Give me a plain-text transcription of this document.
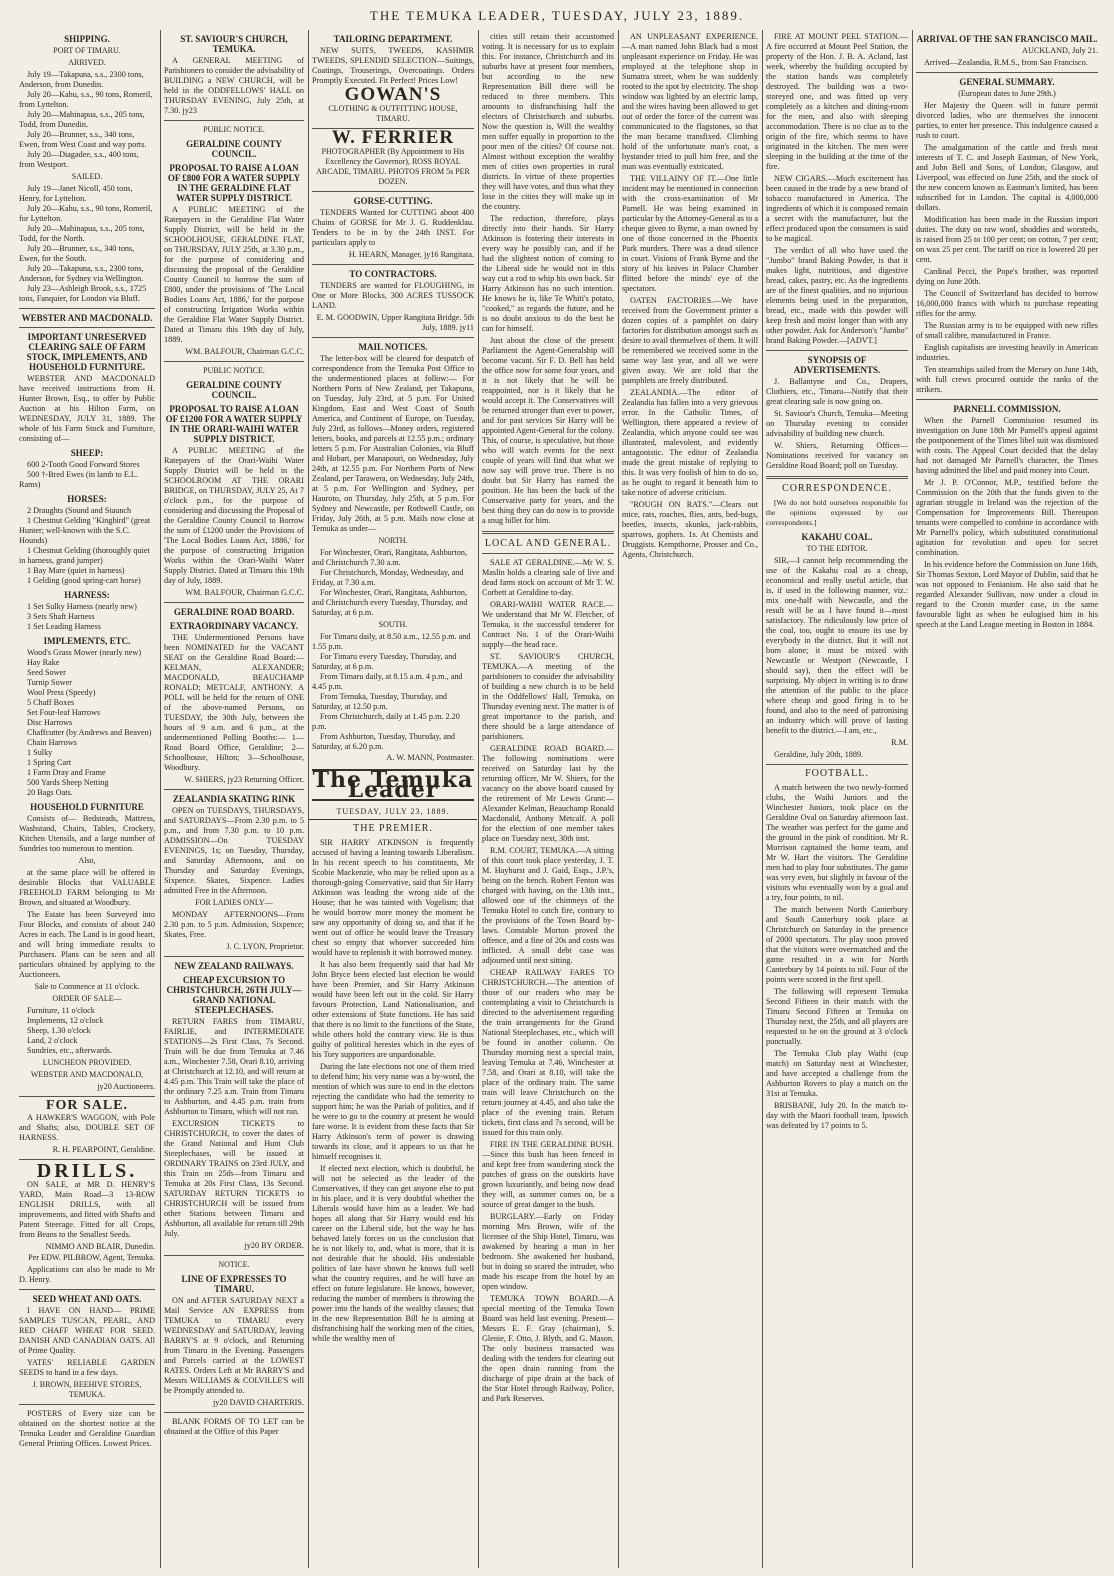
THE TEMUKA LEADER, TUESDAY, JULY 23, 1889.
SHIPPING.
PORT OF TIMARU.
ARRIVED.
July 19—Takapuna, s.s., 2300 tons, Anderson, from Dunedin.
July 20—Kahu, s.s., 90 tons, Romeril, from Lyttelton.
July 20—Mahinapua, s.s., 205 tons, Todd, from Dunedin.
July 20—Brunner, s.s., 340 tons, Ewen, from West Coast and way ports.
July 20—Diagadee, s.s., 400 tons, from Westport.
SAILED.
July 19—Janet Nicoll, 450 tons, Henry, for Lyttelton.
July 20—Kahu, s.s., 90 tons, Romeril, for Lyttelton.
July 20—Mahinapua, s.s., 205 tons, Todd, for the North.
July 20—Brunner, s.s., 340 tons, Ewen, for the South.
July 20—Takapuna, s.s., 2300 tons, Anderson, for Sydney via Wellington.
July 23—Ashleigh Brook, s.s., 1725 tons, Fanquier, for London via Bluff.
WEBSTER AND MACDONALD.
IMPORTANT UNRESERVED CLEARING SALE OF FARM STOCK, IMPLEMENTS, AND HOUSEHOLD FURNITURE.
WEBSTER AND MACDONALD have received instructions from H. Hunter Brown, Esq., to offer by Public Auction at his Hilton Farm, on WEDNESDAY, JULY 31, 1889. The whole of his Farm Stock and Furniture, consisting of—
SHEEP:
600 2-Tooth Good Forward Stores
500 †-Bred Ewes (in lamb to E.L. Rams)
HORSES:
2 Draughts (Sound and Staunch
1 Chestnut Gelding "Kingbird" (great Hunter; well-known with the S.C. Hounds)
1 Chestnut Gelding (thoroughly quiet in harness, grand jumper)
1 Bay Mare (quiet in harness)
1 Gelding (good spring-cart horse)
HARNESS:
1 Set Sulky Harness (nearly new)
3 Sets Shaft Harness
1 Set Leading Harness
IMPLEMENTS, ETC.
Wood's Grass Mower (nearly new)
Hay Rake
Seed Sower
Turnip Sower
Wool Press (Speedy)
5 Chaff Boxes
Set Four-leaf Harrows
Disc Harrows
Chaffcutter (by Andrews and Beaven)
Chain Harrows
1 Sulky
1 Spring Cart
1 Farm Dray and Frame
500 Yards Sheep Netting
20 Bags Oats.
HOUSEHOLD FURNITURE
Consists of— Bedsteads, Mattress, Washstand, Chairs, Tables, Crockery, Kitchen Utensils, and a large number of Sundries too numerous to mention.
Also,
at the same place will be offered in desirable Blocks that VALUABLE FREEHOLD FARM belonging to Mr Brown, and situated at Woodbury.
The Estate has been Surveyed into Four Blocks, and consists of about 240 Acres in each. The Land is in good heart, and will bring immediate results to Purchasers. Plans can be seen and all particulars obtained by applying to the Auctioneers.
Sale to Commence at 11 o'clock.
ORDER OF SALE—
Furniture, 11 o'clock
Implements, 12 o'clock
Sheep, 1.30 o'clock
Land, 2 o'clock
Sundries, etc., afterwards.
LUNCHEON PROVIDED.
WEBSTER AND MACDONALD,
jy20 Auctioneers.
FOR SALE.
A HAWKER'S WAGGON, with Pole and Shafts; also, DOUBLE SET OF HARNESS.
R. H. PEARPOINT, Geraldine.
DRILLS.
ON SALE, at MR D. HENRY'S YARD, Main Road—3 13-ROW ENGLISH DRILLS, with all improvements, and fitted with Shafts and Patent Steerage. Fitted for all Crops, from Beans to the Smallest Seeds.
NIMMO AND BLAIR, Dunedin.
Per EDW. PILBROW, Agent, Temuka.
Applications can also be made to Mr D. Henry.
SEED WHEAT AND OATS.
I HAVE ON HAND— PRIME SAMPLES TUSCAN, PEARL, AND RED CHAFF WHEAT FOR SEED. DANISH AND CANADIAN OATS. All of Prime Quality.
YATES' RELIABLE GARDEN SEEDS to hand in a few days.
J. BROWN, BEEHIVE STORES, TEMUKA.
POSTERS of Every size can be obtained on the shortest notice at the Temuka Leader and Geraldine Guardian General Printing Offices. Lowest Prices.
ST. SAVIOUR'S CHURCH, TEMUKA.
A GENERAL MEETING of Parishioners to consider the advisability of BUILDING a NEW CHURCH, will be held in the ODDFELLOWS' HALL on THURSDAY EVENING, July 25th, at 7.30. jy23
PUBLIC NOTICE.
GERALDINE COUNTY COUNCIL.
PROPOSAL TO RAISE A LOAN OF £800 FOR A WATER SUPPLY IN THE GERALDINE FLAT WATER SUPPLY DISTRICT.
A PUBLIC MEETING of the Ratepayers in the Geraldine Flat Water Supply District, will be held in the SCHOOLHOUSE, GERALDINE FLAT, on THURSDAY, JULY 25th, at 3.30 p.m., for the purpose of considering and discussing the proposal of the Geraldine County Council to borrow the sum of £800, under the provisions of 'The Local Bodies Loans Act, 1886,' for the purpose of constructing Irrigation Works within the Geraldine Flat Water Supply District. Dated at Timaru this 19th day of July, 1889.
WM. BALFOUR, Chairman G.C.C.
PUBLIC NOTICE.
GERALDINE COUNTY COUNCIL.
PROPOSAL TO RAISE A LOAN OF £1200 FOR A WATER SUPPLY IN THE ORARI-WAIHI WATER SUPPLY DISTRICT.
A PUBLIC MEETING of the Ratepayers of the Orari-Waihi Water Supply District will be held in the SCHOOLROOM AT THE ORARI BRIDGE, on THURSDAY, JULY 25, At 7 o'clock p.m., for the purpose of considering and discussing the Proposal of the Geraldine County Council to Borrow the sum of £1200 under the Provisions of 'The Local Bodies Loans Act, 1886,' for the purpose of constructing Irrigation Works within the Orari-Waihi Water Supply District. Dated at Timaru this 19th day of July, 1889.
WM. BALFOUR, Chairman G.C.C.
GERALDINE ROAD BOARD.
EXTRAORDINARY VACANCY.
THE Undermentioned Persons have been NOMINATED for the VACANT SEAT on the Geraldine Road Board:— KELMAN, ALEXANDER; MACDONALD, BEAUCHAMP RONALD; METCALF, ANTHONY. A POLL will be held for the return of ONE of the above-named Persons, on TUESDAY, the 30th July, between the hours of 9 a.m. and 6 p.m., at the undermentioned Polling Booths:— 1—Road Board Office, Geraldine; 2—Schoolhouse, Hilton; 3—Schoolhouse, Woodbury.
W. SHIERS, jy23 Returning Officer.
ZEALANDIA SKATING RINK
OPEN on TUESDAYS, THURSDAYS, and SATURDAYS—From 2.30 p.m. to 5 p.m., and from 7.30 p.m. to 10 p.m. ADMISSION—On TUESDAY EVENINGS, 1s; on Tuesday, Thursday, and Saturday Afternoons, and on Thursday and Saturday Evenings, Sixpence. Skates, Sixpence. Ladies admitted Free in the Afternoon.
FOR LADIES ONLY—
MONDAY AFTERNOONS—From 2.30 p.m. to 5 p.m. Admission, Sixpence; Skates, Free.
J. C. LYON, Proprietor.
NEW ZEALAND RAILWAYS.
CHEAP EXCURSION TO CHRISTCHURCH, 26TH JULY—GRAND NATIONAL STEEPLECHASES.
RETURN FARES from TIMARU, FAIRLIE, and INTERMEDIATE STATIONS—2s First Class, 7s Second. Train will be due from Temuka at 7.46 a.m., Winchester 7.58, Orari 8.10, arriving at Christchurch at 12.10, and will return at 4.45 p.m. This Train will take the place of the ordinary 7.25 a.m. Train from Timaru to Ashburton, and 4.45 p.m. train from Ashburton to Timaru, which will not run.
EXCURSION TICKETS to CHRISTCHURCH, to cover the dates of the Grand National and Hunt Club Steeplechases, will be issued at ORDINARY TRAINS on 23rd JULY, and this Train on 25th—from Timaru and Temuka at 20s First Class, 13s Second. SATURDAY RETURN TICKETS to CHRISTCHURCH will be issued from other Stations between Timaru and Ashburton, all available for return till 29th July.
jy20 BY ORDER.
NOTICE.
LINE OF EXPRESSES TO TIMARU.
ON and AFTER SATURDAY NEXT a Mail Service AN EXPRESS from TEMUKA to TIMARU every WEDNESDAY and SATURDAY, leaving BARRY'S at 9 o'clock, and Returning from Timaru in the Evening. Passengers and Parcels carried at the LOWEST RATES. Orders Left at Mr BARRY'S and Messrs WILLIAMS & COLVILLE'S will be Promptly attended to.
jy20 DAVID CHARTERIS.
BLANK FORMS OF TO LET can be obtained at the Office of this Paper
TAILORING DEPARTMENT.
NEW SUITS, TWEEDS, KASHMIR TWEEDS, SPLENDID SELECTION—Suitings, Coatings, Trouserings, Overcoatings. Orders Promptly Executed. Fit Perfect! Prices Low!
GOWAN'S
CLOTHING & OUTFITTING HOUSE, TIMARU.
W. FERRIER
PHOTOGRAPHER (By Appointment to His Excellency the Governor), ROSS ROYAL ARCADE, TIMARU. PHOTOS FROM 5s PER DOZEN.
GORSE-CUTTING.
TENDERS Wanted for CUTTING about 400 Chains of GORSE for Mr J. G. Ruddenklau. Tenders to be in by the 24th INST. For particulars apply to
H. HEARN, Manager, jy16 Rangitata.
TO CONTRACTORS.
TENDERS are wanted for FLOUGHING, in One or More Blocks, 300 ACRES TUSSOCK LAND.
E. M. GOODWIN, Upper Rangitata Bridge. 5th July, 1889. jy11
MAIL NOTICES.
The letter-box will be cleared for despatch of correspondence from the Temuka Post Office to the undermentioned places at follow:— For Northern Ports of New Zealand, per Takapuna, on Tuesday, July 23rd, at 5 p.m. For United Kingdom, East and West Coast of South America, and Continent of Europe, on Tuesday, July 23rd, as follows—Money orders, registered letters, books, and parcels at 12.55 p.m.; ordinary letters 5 p.m. For Australian Colonies, via Bluff and Hobart, per Manapouri, on Wednesday, July 24th, at 12.55 p.m. For Northern Ports of New Zealand, per Tarawera, on Wednesday, July 24th, at 5 p.m. For Wellington and Sydney, per Hauroto, on Thursday, July 25th, at 5 p.m. For Sydney and Newcastle, per Rothwell Castle, on Friday, July 26th, at 5 p.m. Mails now close at Temuka as under—
NORTH.
For Winchester, Orari, Rangitata, Ashburton, and Christchurch 7.30 a.m.
For Christchurch, Monday, Wednesday, and Friday, at 7.30 a.m.
For Winchester, Orari, Rangitata, Ashburton, and Christchurch every Tuesday, Thursday, and Saturday, at 6 p.m.
SOUTH.
For Timaru daily, at 8.50 a.m., 12.55 p.m. and 1.55 p.m.
For Timaru every Tuesday, Thursday, and Saturday, at 6 p.m.
From Timaru daily, at 8.15 a.m. 4 p.m., and 4.45 p.m.
From Temuka, Tuesday, Thursday, and Saturday, at 12.50 p.m.
From Christchurch, daily at 1.45 p.m. 2.20 p.m.
From Ashburton, Tuesday, Thursday, and Saturday, at 6.20 p.m.
A. W. MANN, Postmaster.
The Temuka Leader
TUESDAY, JULY 23, 1889.
THE PREMIER.
SIR HARRY ATKINSON is frequently accused of having a leaning towards Liberalism. In his recent speech to his constituents, Mr Scobie Mackenzie, who may be relied upon as a thorough-going Conservative, said that Sir Harry Atkinson was leading the wrong side of the House; that he was tainted with Vogelism; that he would borrow more money the moment he saw any opportunity of doing so, and that if he went out of office he would leave the Treasury chest so empty that whoever succeeded him would have to replenish it with borrowed money.
It has also been frequently said that had Mr John Bryce been elected last election he would have been Premier, and Sir Harry Atkinson would have been left out in the cold. Sir Harry favours Protection, Land Nationalisation, and other extensions of State functions. He has said that there is no limit to the functions of the State, while others hold the contrary view. He is thus guilty of political heresies which in the eyes of his Tory supporters are unpardonable.
During the late elections not one of them tried to defend him; his very name was a by-word, the mention of which was sure to end in the electors rejecting the candidate who had the temerity to support him; he was the Pariah of politics, and if he were to go to the country at present he would fare worse. It is evident from these facts that Sir Harry Atkinson's term of power is drawing towards its close, and it appears to us that he himself recognises it.
If elected next election, which is doubtful, he will not be selected as the leader of the Conservatives, if they can get anyone else to put in his place, and it is very doubtful whether the Liberals would have him as a leader. We had hopes all along that Sir Harry would end his career on the Liberal side, but the way he has behaved lately forces on us the conclusion that he is not likely to, and, what is more, that it is not desirable that he should. His undeniable politics of late have shown he knows full well what the country requires, and he will have an effect on future legislature. He knows, however, reducing the number of members is throwing the power into the hands of the wealthy classes; that in the new Representation Bill he is aiming at disfranchising half the working men of the cities, while the wealthy men of
cities still retain their accustomed voting. It is necessary for us to explain this. For instance, Christchurch and its suburbs have at present four members, but according to the new Representation Bill there will be reduced to three members. This amounts to disfranchising half the electors of Christchurch and suburbs. Now the question is, Will the wealthy men suffer equally in proportion to the poor men of the cities? Of course not. Almost without exception the wealthy men of cities own properties in rural districts. In virtue of these properties they will have votes, and thus what they lose in the cities they will make up in the country.
The reduction, therefore, plays directly into their hands. Sir Harry Atkinson is fostering their interests in every way he possibly can, and if he had the slightest notion of coming to the Liberal side he would not in this way cut a rod to whip his own back. Sir Harry Atkinson has no such intention. He knows he is, like Te Whiti's potato, "cooked," as regards the future, and he is no doubt anxious to do the best he can for himself.
Just about the close of the present Parliament the Agent-Generalship will become vacant. Sir F. D. Bell has held the office now for some four years, and it is not likely that he will be reappointed, nor is it likely that he would accept it. The Conservatives will be returned stronger than ever to power, and for past services Sir Harry will be appointed Agent-General for the colony. This, of course, is speculative, but those who will watch events for the next couple of years will find that what we now say will prove true. There is no doubt but Sir Harry has earned the position. He has been the back of the Conservative party for years, and the best thing they can do now is to provide a snug billet for him.
LOCAL AND GENERAL.
SALE AT GERALDINE.—Mr W. S. Maslin holds a clearing sale of live and dead farm stock on account of Mr T. W. Corbett at Geraldine to-day.
ORARI-WAIHI WATER RACE.—We understand that Mr W. Fletcher, of Temuka, is the successful tenderer for Contract No. 1 of the Orari-Waihi supply—the head race.
ST. SAVIOUR'S CHURCH, TEMUKA.—A meeting of the parishioners to consider the advisability of building a new church is to be held in the Oddfellows' Hall, Temuka, on Thursday evening next. The matter is of great importance to the parish, and there should be a large attendance of parishioners.
GERALDINE ROAD BOARD.—The following nominations were received on Saturday last by the returning officer, Mr W. Shiers, for the vacancy on the above board caused by the retirement of Mr Lewis Grant:—Alexander Kelman, Beauchamp Ronald Macdonald, Anthony Metcalf. A poll for the election of one member takes place on Tuesday next, 30th inst.
R.M. COURT, TEMUKA.—A sitting of this court took place yesterday, J. T. M. Hayhurst and J. Gaid, Esqs., J.P.'s, being on the bench. Robert Fenton was charged with having, on the 13th inst., allowed one of the chimneys of the Temuka Hotel to catch fire, contrary to the provisions of the Town Board by-laws. Constable Morton proved the offence, and a fine of 20s and costs was inflicted. A small debt case was adjourned until next sitting.
CHEAP RAILWAY FARES TO CHRISTCHURCH.—The attention of those of our readers who may be contemplating a visit to Christchurch is directed to the advertisement regarding the train arrangements for the Grand National Steeplechases, etc., which will be found in another column. On Thursday morning next a special train, leaving Temuka at 7.46, Winchester at 7.58, and Orari at 8.10, will take the place of the ordinary train. The same train will leave Christchurch on the return journey at 4.45, and also take the place of the evening train. Return tickets, first class and 7s second, will be issued for this train only.
FIRE IN THE GERALDINE BUSH.—Since this bush has been fenced in and kept free from wandering stock the patches of grass on the outskirts have grown luxuriantly, and being now dead they will, as summer comes on, be a source of great danger to the bush.
BURGLARY.—Early on Friday morning Mrs Brown, wife of the licensee of the Ship Hotel, Timaru, was awakened by hearing a man in her bedroom. She awakened her husband, but in doing so scared the intruder, who made his escape from the hotel by an open window.
TEMUKA TOWN BOARD.—A special meeting of the Temuka Town Board was held last evening. Present—Messrs E. F. Gray (chairman), S. Glenie, F. Otto, J. Blyth, and G. Mason. The only business transacted was dealing with the tenders for clearing out the open drain running from the discharge of pipe drain at the back of the Star Hotel through Railway, Police, and Park Reserves.
AN UNPLEASANT EXPERIENCE.—A man named John Black had a most unpleasant experience on Friday. He was employed at the telephone shop in Sumatra street, when he was suddenly rooted to the spot by electricity. The shop window was lighted by an electric lamp, and the wires having been allowed to get out of order the force of the current was communicated to the flagstones, so that the man became transfixed. Climbing hold of the unfortunate man's coat, a bystander tried to pull him free, and the man was eventually extricated.
THE VILLAINY OF IT.—One little incident may be mentioned in connection with the cross-examination of Mr Parnell. He was being examined in particular by the Attorney-General as to a cheque given to Byrne, a man owned by one of those concerned in the Phoenix Park murders. There was a dead silence in court. Visions of Frank Byrne and the story of his knives in Palace Chamber flitted before the minds' eye of the spectators.
OATEN FACTORIES.—We have received from the Government printer a dozen copies of a pamphlet on dairy factories for distribution amongst such as desire to avail themselves of them. It will be remembered we received some in the same way last year, and all we were given away. We are told that the pamphlets are freely distributed.
ZEALANDIA.—The editor of Zealandia has fallen into a very grievous error. In the Catholic Times, of Wellington, there appeared a review of Zealandia, which anyone could see was illustrated, malevolent, and evidently antagonistic. The editor of Zealandia made the great mistake of replying to this. It was very foolish of him to do so, as he ought to regard it beneath him to take notice of adverse criticism.
"ROUGH ON RATS."—Clears out mice, rats, roaches, flies, ants, bed-bugs, beetles, insects, skunks, jack-rabbits, sparrows, gophers. 1s. At Chemists and Druggists. Kempthorne, Prosser and Co., Agents, Christchurch.
FIRE AT MOUNT PEEL STATION.—A fire occurred at Mount Peel Station, the property of the Hon. J. B. A. Acland, last week, whereby the building occupied by the station hands was completely destroyed. The building was a two-storeyed one, and was fitted up very completely as a kitchen and dining-room for the men, and also with sleeping accommodation. There is no clue as to the origin of the fire, which seems to have originated in the kitchen. The men were sleeping in the building at the time of the fire.
NEW CIGARS.—Much excitement has been caused in the trade by a new brand of tobacco manufactured in America. The ingredients of which it is composed remain a secret with the manufacturer, but the effect produced upon the consumers is said to be magical.
The verdict of all who have used the "Jumbo" brand Baking Powder, is that it makes light, nutritious, and digestive bread, cakes, pastry, etc. As the ingredients are of the finest qualities, and no injurious elements being used in the preparation, bread, etc., made with this powder will keep fresh and moist longer than with any other powder. Ask for Anderson's "Jumbo" brand Baking Powder.—[ADVT.]
SYNOPSIS OF ADVERTISEMENTS.
J. Ballantyne and Co., Drapers, Clothiers, etc., Timaru—Notify that their great clearing sale is now going on.
St. Saviour's Church, Temuka—Meeting on Thursday evening to consider advisability of building new church.
W. Shiers, Returning Officer—Nominations received for vacancy on Geraldine Road Board; poll on Tuesday.
CORRESPONDENCE.
[We do not hold ourselves responsible for the opinions expressed by our correspondents.]
KAKAHU COAL.
TO THE EDITOR.
SIR,—I cannot help recommending the use of the Kakahu coal as a cheap, economical and really useful article, that is, if used in the following manner, viz.: mix one-half with Newcastle, and the result will be as I have found it—most satisfactory. The ridiculously low price of the coal, too, ought to ensure its use by everybody in the district. But it will not burn alone; it must be mixed with Newcastle or Westport (Newcastle, I should say), then the effect will be surprising. My object in writing is to draw the attention of the public to the place where cheap and good firing is to be found, and also to the need of patronising an industry which will prove of lasting benefit to the district.—I am, etc.,
R.M.
Geraldine, July 20th, 1889.
FOOTBALL.
A match between the two newly-formed clubs, the Waihi Juniors and the Winchester Juniors, took place on the Geraldine Oval on Saturday afternoon last. The weather was perfect for the game and the ground in the pink of condition. Mr R. Morrison captained the home team, and Mr W. Hart the visitors. The Geraldine men had to play four substitutes. The game was very even, but slightly in favour of the visitors who eventually won by a goal and a try, four points, to nil.
The match between North Canterbury and South Canterbury took place at Christchurch on Saturday in the presence of 2000 spectators. The play soon proved that the visitors were overmatched and the game resulted in a win for North Canterbury by 14 points to nil. Four of the points were scored in the first spell.
The following will represent Temuka Second Fifteen in their match with the Timaru Second Fifteen at Temuka on Thursday next, the 25th, and all players are requested to be on the ground at 3 o'clock punctually.
The Temuka Club play Waihi (cup match) on Saturday next at Winchester, and have accepted a challenge from the Ashburton Rovers to play a match on the 31st at Temuka.
BRISBANE, July 20. In the match to-day with the Maori football team, Ipswich was defeated by 17 points to 5.
ARRIVAL OF THE SAN FRANCISCO MAIL.
AUCKLAND, July 21.
Arrived—Zealandia, R.M.S., from San Francisco.
GENERAL SUMMARY.
(European dates to June 29th.)
Her Majesty the Queen will in future permit divorced ladies, who are themselves the innocent parties, to enter her presence. This indulgence caused a rush to court.
The amalgamation of the cattle and fresh meat interests of T. C. and Joseph Eastman, of New York, and John Bell and Sons, of London, Glasgow, and Liverpool, was effected on June 25th, and the stock of the new concern known as Eastman's limited, has been subscribed for in London. The capital is 4,000,000 dollars.
Modification has been made in the Russian import duties. The duty on raw wool, shoddies and worsteds, is raised from 25 to 100 per cent; on cotton, 7 per cent; on wax 25 per cent. The tariff on rice is lowered 20 per cent.
Cardinal Pecci, the Pope's brother, was reported dying on June 20th.
The Council of Switzerland has decided to borrow 16,000,000 francs with which to purchase repeating rifles for the army.
The Russian army is to be equipped with new rifles of small calibre, manufactured in France.
English capitalists are investing heavily in American industries.
Ten steamships sailed from the Mersey on June 14th, with full crews procured outside the ranks of the strikers.
PARNELL COMMISSION.
When the Parnell Commission resumed its investigation on June 18th Mr Parnell's appeal against the postponement of the Times libel suit was dismissed with costs. The Appeal Court decided that the delay had not damaged Mr Parnell's character, the Times having admitted the libel and paid money into Court.
Mr J. P. O'Connor, M.P., testified before the Commission on the 20th that the funds given to the agrarian struggle in Ireland was the rejection of the Compensation for Improvements Bill. Thereupon tenants were compelled to combine in accordance with Mr Parnell's policy, which substituted constitutional agitation for revolution and open for secret combination.
In his evidence before the Commission on June 16th, Sir Thomas Sexton, Lord Mayor of Dublin, said that he was not opposed to Fenianism. He also said that he regarded Alexander Sullivan, now under a cloud in regard to the Cronin murder case, in the same favourable light as when he eulogised him in his speech at the Land League meeting in Boston in 1884.
